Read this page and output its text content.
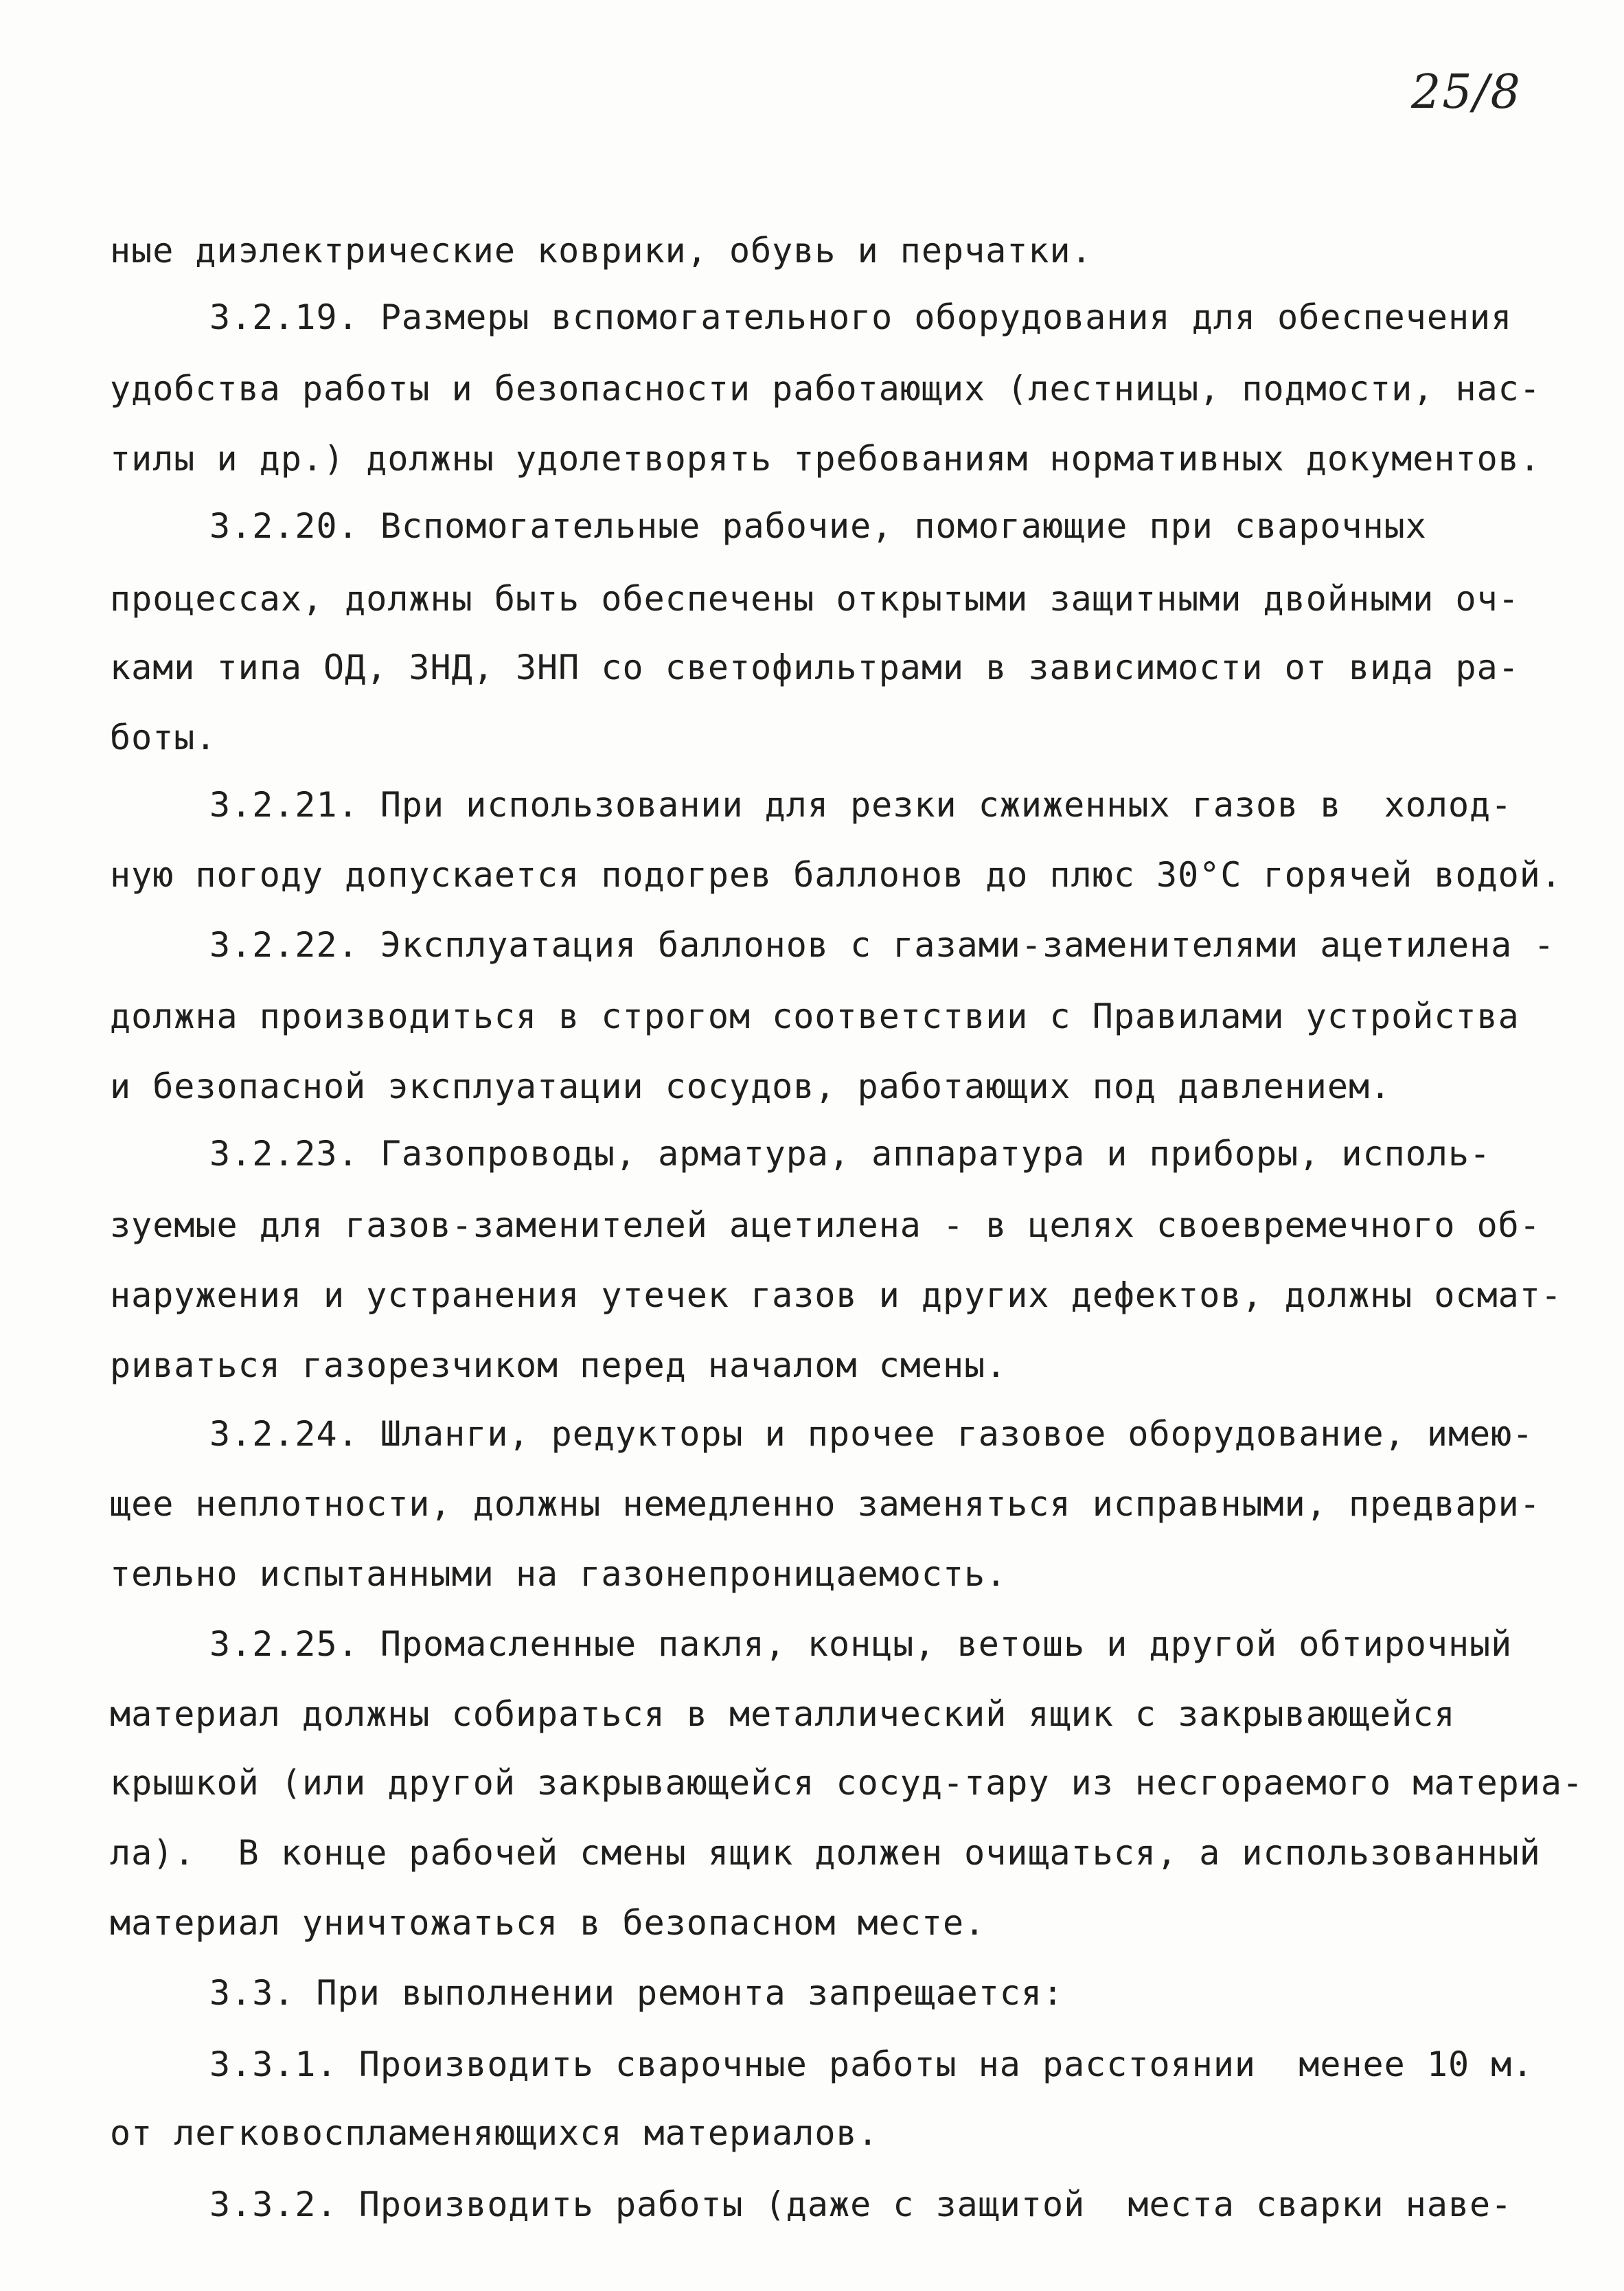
25/8
ные диэлектрические коврики, обувь и перчатки.
3.2.19. Размеры вспомогательного оборудования для обеспечения
удобства работы и безопасности работающих (лестницы, подмости, нас-
тилы и др.) должны удолетворять требованиям нормативных документов.
3.2.20. Вспомогательные рабочие, помогающие при сварочных
процессах, должны быть обеспечены открытыми защитными двойными оч-
ками типа ОД, ЗНД, ЗНП со светофильтрами в зависимости от вида ра-
боты.
3.2.21. При использовании для резки сжиженных газов в  холод-
ную погоду допускается подогрев баллонов до плюс 30°С горячей водой.
3.2.22. Эксплуатация баллонов с газами-заменителями ацетилена -
должна производиться в строгом соответствии с Правилами устройства
и безопасной эксплуатации сосудов, работающих под давлением.
3.2.23. Газопроводы, арматура, аппаратура и приборы, исполь-
зуемые для газов-заменителей ацетилена - в целях своевремечного об-
наружения и устранения утечек газов и других дефектов, должны осмат-
риваться газорезчиком перед началом смены.
3.2.24. Шланги, редукторы и прочее газовое оборудование, имею-
щее неплотности, должны немедленно заменяться исправными, предвари-
тельно испытанными на газонепроницаемость.
3.2.25. Промасленные пакля, концы, ветошь и другой обтирочный
материал должны собираться в металлический ящик с закрывающейся
крышкой (или другой закрывающейся сосуд-тару из несгораемого материа-
ла).  В конце рабочей смены ящик должен очищаться, а использованный
материал уничтожаться в безопасном месте.
3.3. При выполнении ремонта запрещается:
3.3.1. Производить сварочные работы на расстоянии  менее 10 м.
от легковоспламеняющихся материалов.
3.3.2. Производить работы (даже с защитой  места сварки наве-
